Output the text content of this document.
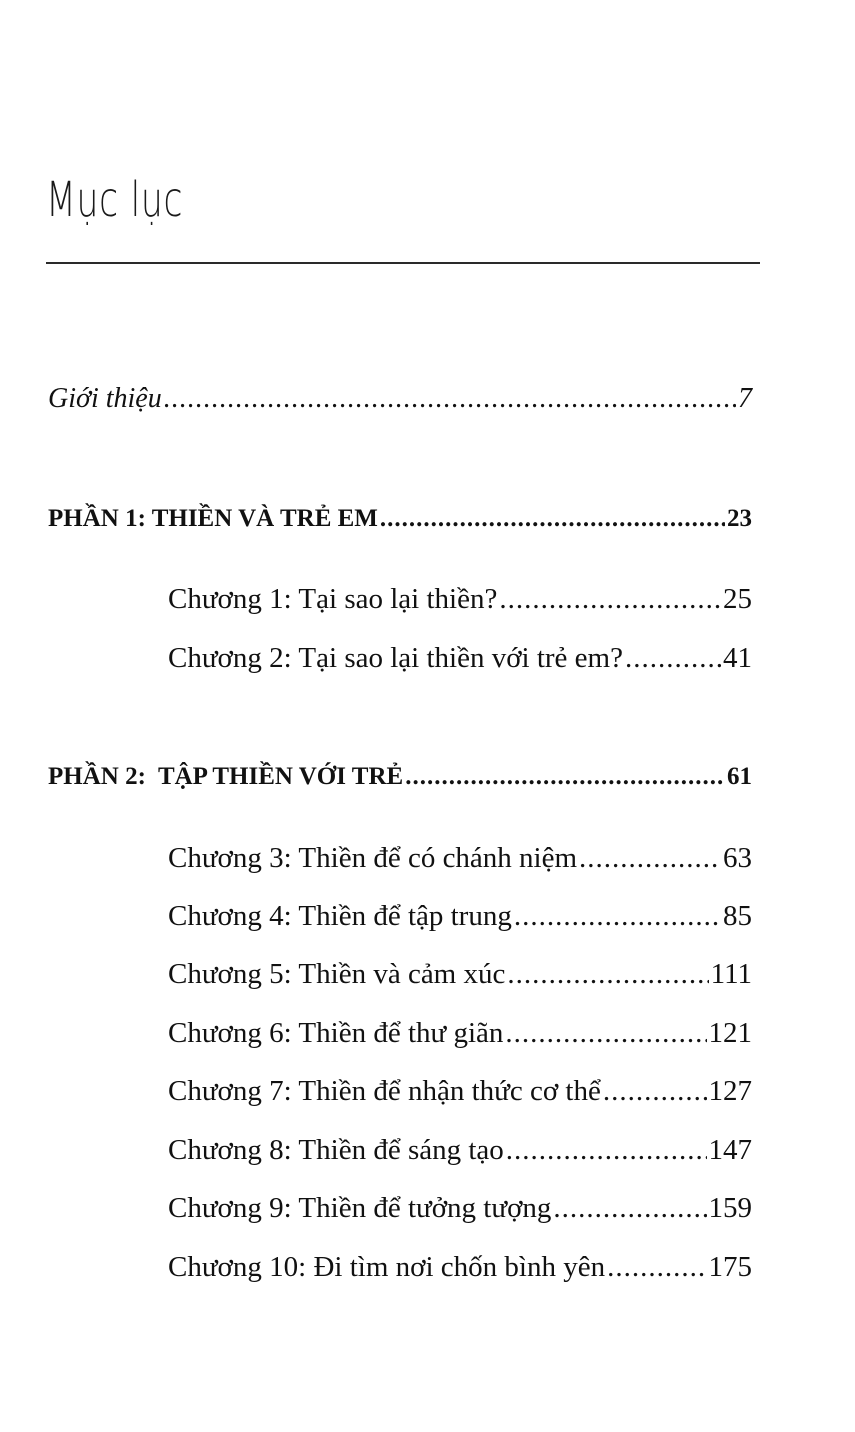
Mục lục
Giới thiệu .....	7
PHẦN 1: THIỀN VÀ TRẺ EM .....	23
Chương 1: Tại sao lại thiền? .....	25
Chương 2: Tại sao lại thiền với trẻ em? .....	41
PHẦN 2:  TẬP THIỀN VỚI TRẺ .....	61
Chương 3: Thiền để có chánh niệm .....	63
Chương 4: Thiền để tập trung .....	85
Chương 5: Thiền và cảm xúc .....	111
Chương 6: Thiền để thư giãn .....	121
Chương 7: Thiền để nhận thức cơ thể .....	127
Chương 8: Thiền để sáng tạo .....	147
Chương 9: Thiền để tưởng tượng .....	159
Chương 10: Đi tìm nơi chốn bình yên .....	175
